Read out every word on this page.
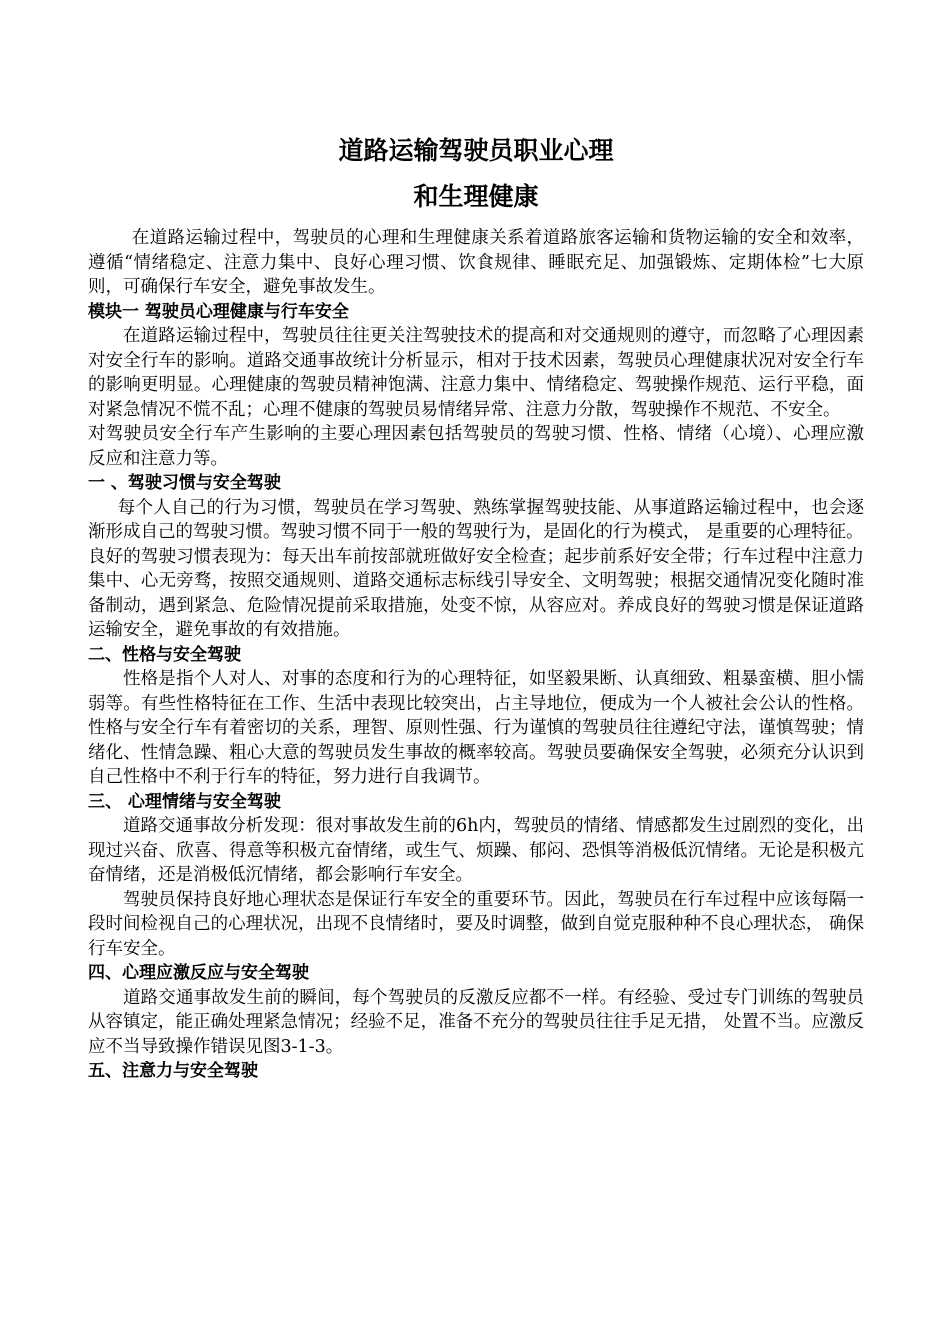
道路运输驾驶员职业心理
和生理健康

在道路运输过程中，驾驶员的心理和生理健康关系着道路旅客运输和货物运输的安全和效率，遵循“情绪稳定、注意力集中、良好心理习惯、饮食规律、睡眠充足、加强锻炼、定期体检”七大原则，可确保行车安全，避免事故发生。

模块一 驾驶员心理健康与行车安全

在道路运输过程中，驾驶员往往更关注驾驶技术的提高和对交通规则的遵守，而忽略了心理因素对安全行车的影响。道路交通事故统计分析显示，相对于技术因素，驾驶员心理健康状况对安全行车的影响更明显。心理健康的驾驶员精神饱满、注意力集中、情绪稳定、驾驶操作规范、运行平稳，面对紧急情况不慌不乱；心理不健康的驾驶员易情绪异常、注意力分散，驾驶操作不规范、不安全。

对驾驶员安全行车产生影响的主要心理因素包括驾驶员的驾驶习惯、性格、情绪（心境）、心理应激反应和注意力等。

一 、驾驶习惯与安全驾驶

每个人自己的行为习惯，驾驶员在学习驾驶、熟练掌握驾驶技能、从事道路运输过程中，也会逐渐形成自己的驾驶习惯。驾驶习惯不同于一般的驾驶行为，是固化的行为模式， 是重要的心理特征。

良好的驾驶习惯表现为：每天出车前按部就班做好安全检查；起步前系好安全带；行车过程中注意力集中、心无旁骛，按照交通规则、道路交通标志标线引导安全、文明驾驶；根据交通情况变化随时准备制动，遇到紧急、危险情况提前采取措施，处变不惊，从容应对。养成良好的驾驶习惯是保证道路运输安全，避免事故的有效措施。

二、性格与安全驾驶

性格是指个人对人、对事的态度和行为的心理特征，如坚毅果断、认真细致、粗暴蛮横、胆小懦弱等。有些性格特征在工作、生活中表现比较突出，占主导地位，便成为一个人被社会公认的性格。性格与安全行车有着密切的关系，理智、原则性强、行为谨慎的驾驶员往往遵纪守法，谨慎驾驶；情绪化、性情急躁、粗心大意的驾驶员发生事故的概率较高。驾驶员要确保安全驾驶，必须充分认识到自己性格中不利于行车的特征，努力进行自我调节。

三、 心理情绪与安全驾驶

道路交通事故分析发现：很对事故发生前的6h内，驾驶员的情绪、情感都发生过剧烈的变化，出现过兴奋、欣喜、得意等积极亢奋情绪，或生气、烦躁、郁闷、恐惧等消极低沉情绪。无论是积极亢奋情绪，还是消极低沉情绪，都会影响行车安全。

驾驶员保持良好地心理状态是保证行车安全的重要环节。因此，驾驶员在行车过程中应该每隔一段时间检视自己的心理状况，出现不良情绪时，要及时调整，做到自觉克服种种不良心理状态， 确保行车安全。

四、心理应激反应与安全驾驶

道路交通事故发生前的瞬间，每个驾驶员的反激反应都不一样。有经验、受过专门训练的驾驶员从容镇定，能正确处理紧急情况；经验不足，准备不充分的驾驶员往往手足无措， 处置不当。应激反应不当导致操作错误见图3-1-3。

五、注意力与安全驾驶
